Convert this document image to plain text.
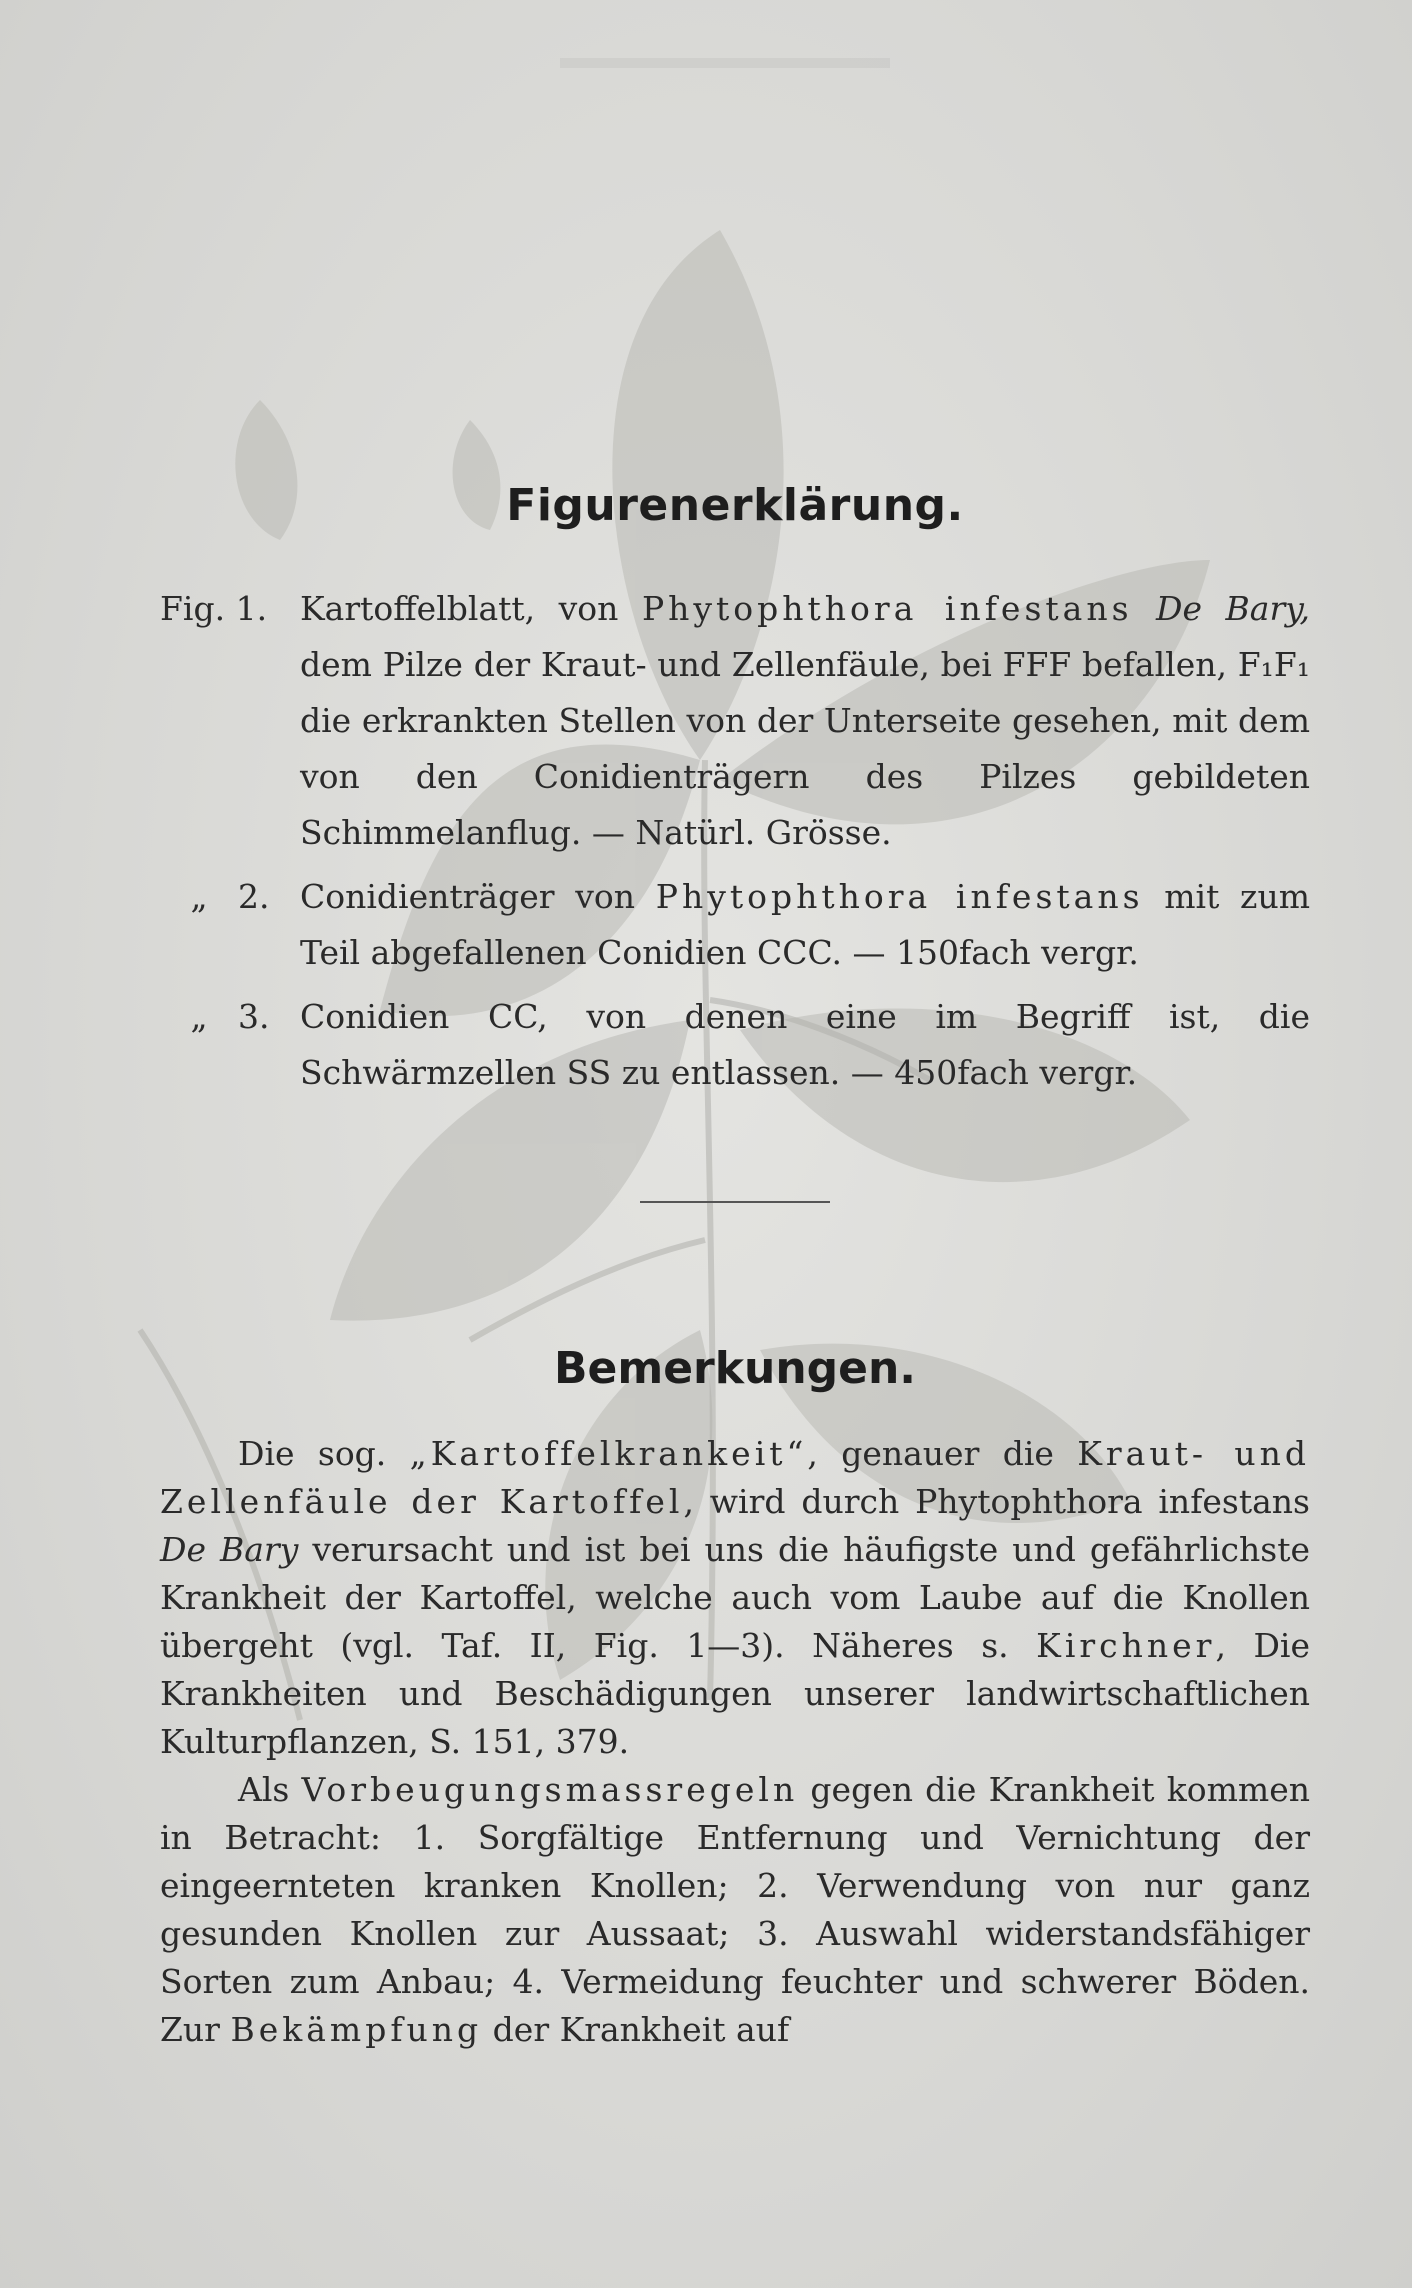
Figurenerklärung.
Fig. 1. Kartoffelblatt, von Phytophthora infestans De Bary, dem Pilze der Kraut- und Zellenfäule, bei FFF befallen, F₁F₁ die erkrankten Stellen von der Unterseite gesehen, mit dem von den Conidienträgern des Pilzes gebildeten Schimmelanflug. — Natürl. Grösse.
„ 2. Conidienträger von Phytophthora infestans mit zum Teil abgefallenen Conidien CCC. — 150fach vergr.
„ 3. Conidien CC, von denen eine im Begriff ist, die Schwärmzellen SS zu entlassen. — 450fach vergr.
Bemerkungen.

Die sog. „Kartoffelkrankeit“, genauer die Kraut- und Zellenfäule der Kartoffel, wird durch Phytophthora infestans De Bary verursacht und ist bei uns die häufigste und gefährlichste Krankheit der Kartoffel, welche auch vom Laube auf die Knollen übergeht (vgl. Taf. II, Fig. 1—3). Näheres s. Kirchner, Die Krankheiten und Beschädigungen unserer landwirtschaftlichen Kulturpflanzen, S. 151, 379.

Als Vorbeugungsmassregeln gegen die Krankheit kommen in Betracht: 1. Sorgfältige Entfernung und Vernichtung der eingeernteten kranken Knollen; 2. Verwendung von nur ganz gesunden Knollen zur Aussaat; 3. Auswahl widerstandsfähiger Sorten zum Anbau; 4. Vermeidung feuchter und schwerer Böden. Zur Bekämpfung der Krankheit auf
